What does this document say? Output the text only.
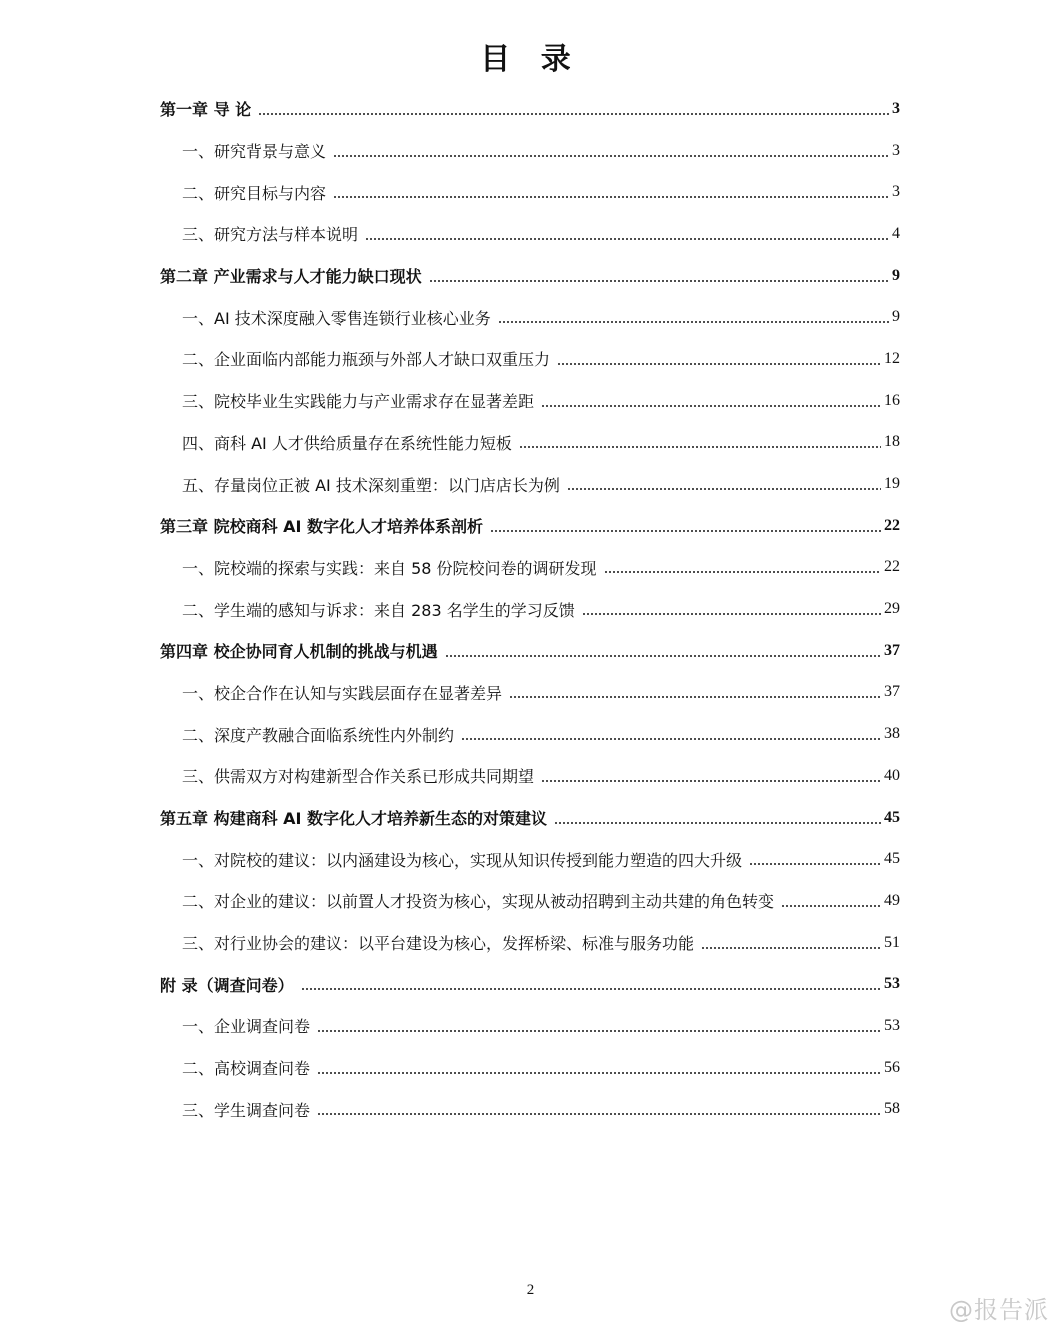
目 录
第一章 导 论	3
一、研究背景与意义	3
二、研究目标与内容	3
三、研究方法与样本说明	4
第二章 产业需求与人才能力缺口现状	9
一、AI 技术深度融入零售连锁行业核心业务	9
二、企业面临内部能力瓶颈与外部人才缺口双重压力	12
三、院校毕业生实践能力与产业需求存在显著差距	16
四、商科 AI 人才供给质量存在系统性能力短板	18
五、存量岗位正被 AI 技术深刻重塑：以门店店长为例	19
第三章 院校商科 AI 数字化人才培养体系剖析	22
一、院校端的探索与实践：来自 58 份院校问卷的调研发现	22
二、学生端的感知与诉求：来自 283 名学生的学习反馈	29
第四章 校企协同育人机制的挑战与机遇	37
一、校企合作在认知与实践层面存在显著差异	37
二、深度产教融合面临系统性内外制约	38
三、供需双方对构建新型合作关系已形成共同期望	40
第五章 构建商科 AI 数字化人才培养新生态的对策建议	45
一、对院校的建议：以内涵建设为核心，实现从知识传授到能力塑造的四大升级	45
二、对企业的建议：以前置人才投资为核心，实现从被动招聘到主动共建的角色转变	49
三、对行业协会的建议：以平台建设为核心，发挥桥梁、标准与服务功能	51
附 录（调查问卷）	53
一、企业调查问卷	53
二、高校调查问卷	56
三、学生调查问卷	58
2
@报告派
